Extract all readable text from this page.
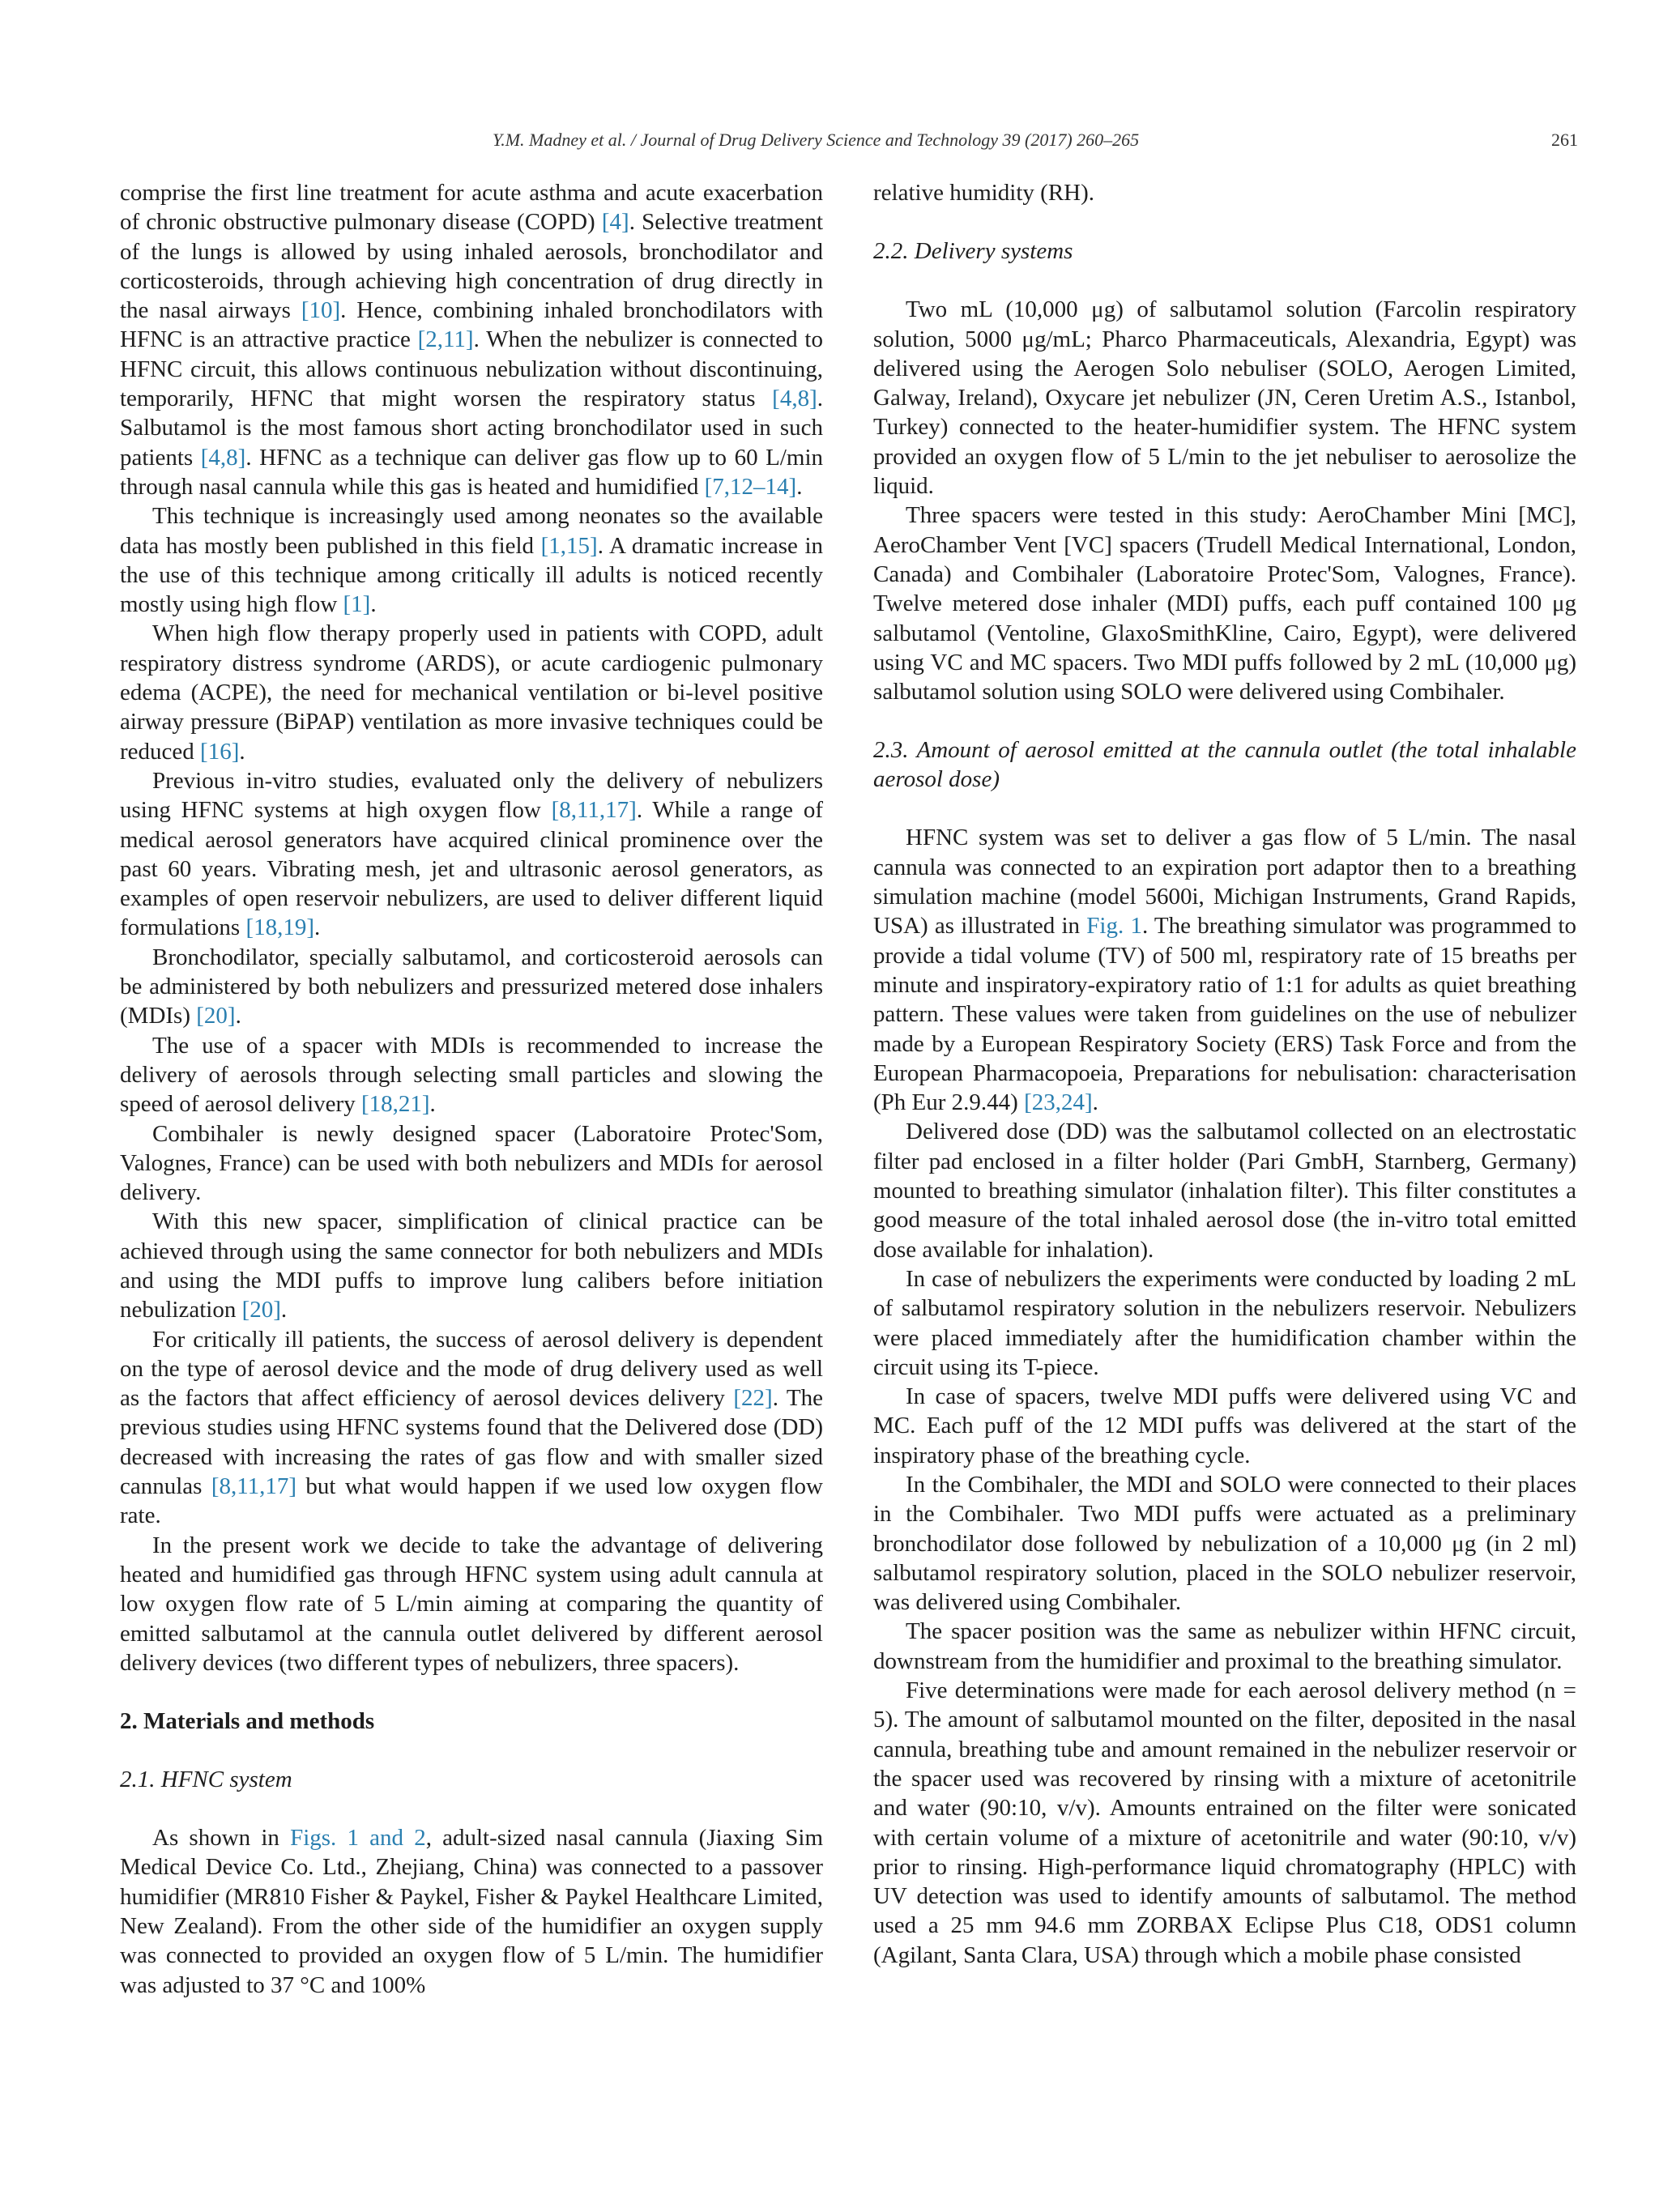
Y.M. Madney et al. / Journal of Drug Delivery Science and Technology 39 (2017) 260–265	261

comprise the first line treatment for acute asthma and acute exacerbation of chronic obstructive pulmonary disease (COPD) [4]. Selective treatment of the lungs is allowed by using inhaled aerosols, bronchodilator and corticosteroids, through achieving high concentration of drug directly in the nasal airways [10]. Hence, combining inhaled bronchodilators with HFNC is an attractive practice [2,11]. When the nebulizer is connected to HFNC circuit, this allows continuous nebulization without discontinuing, temporarily, HFNC that might worsen the respiratory status [4,8]. Salbutamol is the most famous short acting bronchodilator used in such patients [4,8]. HFNC as a technique can deliver gas flow up to 60 L/min through nasal cannula while this gas is heated and humidified [7,12–14].

This technique is increasingly used among neonates so the available data has mostly been published in this field [1,15]. A dramatic increase in the use of this technique among critically ill adults is noticed recently mostly using high flow [1].

When high flow therapy properly used in patients with COPD, adult respiratory distress syndrome (ARDS), or acute cardiogenic pulmonary edema (ACPE), the need for mechanical ventilation or bi-level positive airway pressure (BiPAP) ventilation as more invasive techniques could be reduced [16].

Previous in-vitro studies, evaluated only the delivery of nebulizers using HFNC systems at high oxygen flow [8,11,17]. While a range of medical aerosol generators have acquired clinical prominence over the past 60 years. Vibrating mesh, jet and ultrasonic aerosol generators, as examples of open reservoir nebulizers, are used to deliver different liquid formulations [18,19].

Bronchodilator, specially salbutamol, and corticosteroid aerosols can be administered by both nebulizers and pressurized metered dose inhalers (MDIs) [20].

The use of a spacer with MDIs is recommended to increase the delivery of aerosols through selecting small particles and slowing the speed of aerosol delivery [18,21].

Combihaler is newly designed spacer (Laboratoire Protec'Som, Valognes, France) can be used with both nebulizers and MDIs for aerosol delivery.

With this new spacer, simplification of clinical practice can be achieved through using the same connector for both nebulizers and MDIs and using the MDI puffs to improve lung calibers before initiation nebulization [20].

For critically ill patients, the success of aerosol delivery is dependent on the type of aerosol device and the mode of drug delivery used as well as the factors that affect efficiency of aerosol devices delivery [22]. The previous studies using HFNC systems found that the Delivered dose (DD) decreased with increasing the rates of gas flow and with smaller sized cannulas [8,11,17] but what would happen if we used low oxygen flow rate.

In the present work we decide to take the advantage of delivering heated and humidified gas through HFNC system using adult cannula at low oxygen flow rate of 5 L/min aiming at comparing the quantity of emitted salbutamol at the cannula outlet delivered by different aerosol delivery devices (two different types of nebulizers, three spacers).

2. Materials and methods
2.1. HFNC system

As shown in Figs. 1 and 2, adult-sized nasal cannula (Jiaxing Sim Medical Device Co. Ltd., Zhejiang, China) was connected to a passover humidifier (MR810 Fisher & Paykel, Fisher & Paykel Healthcare Limited, New Zealand). From the other side of the humidifier an oxygen supply was connected to provided an oxygen flow of 5 L/min. The humidifier was adjusted to 37 °C and 100%

relative humidity (RH).

2.2. Delivery systems

Two mL (10,000 μg) of salbutamol solution (Farcolin respiratory solution, 5000 μg/mL; Pharco Pharmaceuticals, Alexandria, Egypt) was delivered using the Aerogen Solo nebuliser (SOLO, Aerogen Limited, Galway, Ireland), Oxycare jet nebulizer (JN, Ceren Uretim A.S., Istanbol, Turkey) connected to the heater-humidifier system. The HFNC system provided an oxygen flow of 5 L/min to the jet nebuliser to aerosolize the liquid.

Three spacers were tested in this study: AeroChamber Mini [MC], AeroChamber Vent [VC] spacers (Trudell Medical International, London, Canada) and Combihaler (Laboratoire Protec'Som, Valognes, France). Twelve metered dose inhaler (MDI) puffs, each puff contained 100 μg salbutamol (Ventoline, GlaxoSmithKline, Cairo, Egypt), were delivered using VC and MC spacers. Two MDI puffs followed by 2 mL (10,000 μg) salbutamol solution using SOLO were delivered using Combihaler.

2.3. Amount of aerosol emitted at the cannula outlet (the total inhalable aerosol dose)

HFNC system was set to deliver a gas flow of 5 L/min. The nasal cannula was connected to an expiration port adaptor then to a breathing simulation machine (model 5600i, Michigan Instruments, Grand Rapids, USA) as illustrated in Fig. 1. The breathing simulator was programmed to provide a tidal volume (TV) of 500 ml, respiratory rate of 15 breaths per minute and inspiratory-expiratory ratio of 1:1 for adults as quiet breathing pattern. These values were taken from guidelines on the use of nebulizer made by a European Respiratory Society (ERS) Task Force and from the European Pharmacopoeia, Preparations for nebulisation: characterisation (Ph Eur 2.9.44) [23,24].

Delivered dose (DD) was the salbutamol collected on an electrostatic filter pad enclosed in a filter holder (Pari GmbH, Starnberg, Germany) mounted to breathing simulator (inhalation filter). This filter constitutes a good measure of the total inhaled aerosol dose (the in-vitro total emitted dose available for inhalation).

In case of nebulizers the experiments were conducted by loading 2 mL of salbutamol respiratory solution in the nebulizers reservoir. Nebulizers were placed immediately after the humidification chamber within the circuit using its T-piece.

In case of spacers, twelve MDI puffs were delivered using VC and MC. Each puff of the 12 MDI puffs was delivered at the start of the inspiratory phase of the breathing cycle.

In the Combihaler, the MDI and SOLO were connected to their places in the Combihaler. Two MDI puffs were actuated as a preliminary bronchodilator dose followed by nebulization of a 10,000 μg (in 2 ml) salbutamol respiratory solution, placed in the SOLO nebulizer reservoir, was delivered using Combihaler.

The spacer position was the same as nebulizer within HFNC circuit, downstream from the humidifier and proximal to the breathing simulator.

Five determinations were made for each aerosol delivery method (n = 5). The amount of salbutamol mounted on the filter, deposited in the nasal cannula, breathing tube and amount remained in the nebulizer reservoir or the spacer used was recovered by rinsing with a mixture of acetonitrile and water (90:10, v/v). Amounts entrained on the filter were sonicated with certain volume of a mixture of acetonitrile and water (90:10, v/v) prior to rinsing. High-performance liquid chromatography (HPLC) with UV detection was used to identify amounts of salbutamol. The method used a 25 mm 94.6 mm ZORBAX Eclipse Plus C18, ODS1 column (Agilant, Santa Clara, USA) through which a mobile phase consisted
